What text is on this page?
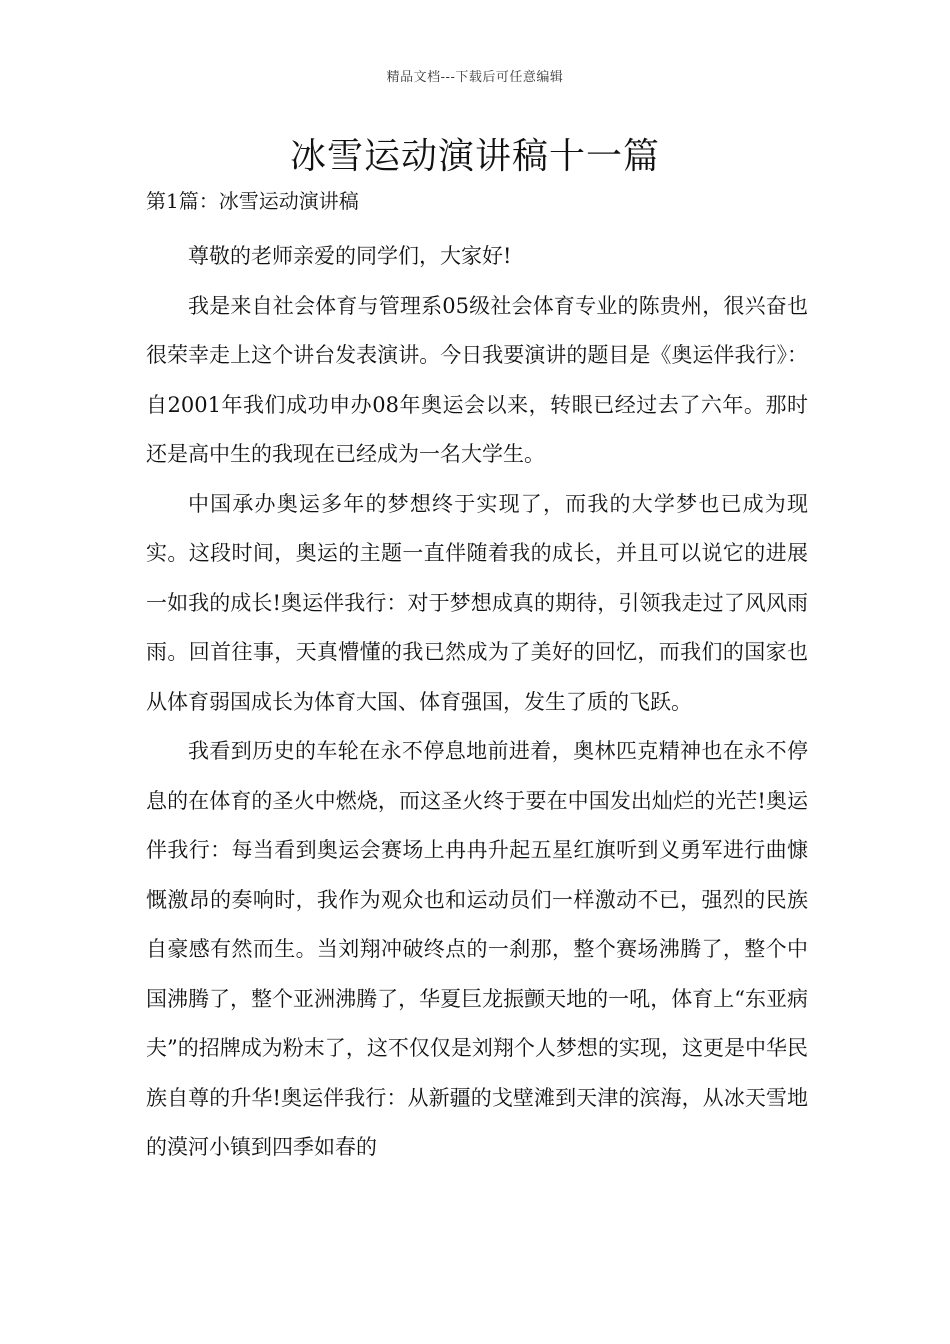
精品文档---下载后可任意编辑
冰雪运动演讲稿十一篇
第1篇：冰雪运动演讲稿

尊敬的老师亲爱的同学们，大家好!

我是来自社会体育与管理系05级社会体育专业的陈贵州，很兴奋也很荣幸走上这个讲台发表演讲。今日我要演讲的题目是《奥运伴我行》：自2001年我们成功申办08年奥运会以来，转眼已经过去了六年。那时还是高中生的我现在已经成为一名大学生。

中国承办奥运多年的梦想终于实现了，而我的大学梦也已成为现实。这段时间，奥运的主题一直伴随着我的成长，并且可以说它的进展一如我的成长!奥运伴我行：对于梦想成真的期待，引领我走过了风风雨雨。回首往事，天真懵懂的我已然成为了美好的回忆，而我们的国家也从体育弱国成长为体育大国、体育强国，发生了质的飞跃。

我看到历史的车轮在永不停息地前进着，奥林匹克精神也在永不停息的在体育的圣火中燃烧，而这圣火终于要在中国发出灿烂的光芒!奥运伴我行：每当看到奥运会赛场上冉冉升起五星红旗听到义勇军进行曲慷慨激昂的奏响时，我作为观众也和运动员们一样激动不已，强烈的民族自豪感有然而生。当刘翔冲破终点的一刹那，整个赛场沸腾了，整个中国沸腾了，整个亚洲沸腾了，华夏巨龙振颤天地的一吼，体育上“东亚病夫”的招牌成为粉末了，这不仅仅是刘翔个人梦想的实现，这更是中华民族自尊的升华!奥运伴我行：从新疆的戈壁滩到天津的滨海，从冰天雪地的漠河小镇到四季如春的
